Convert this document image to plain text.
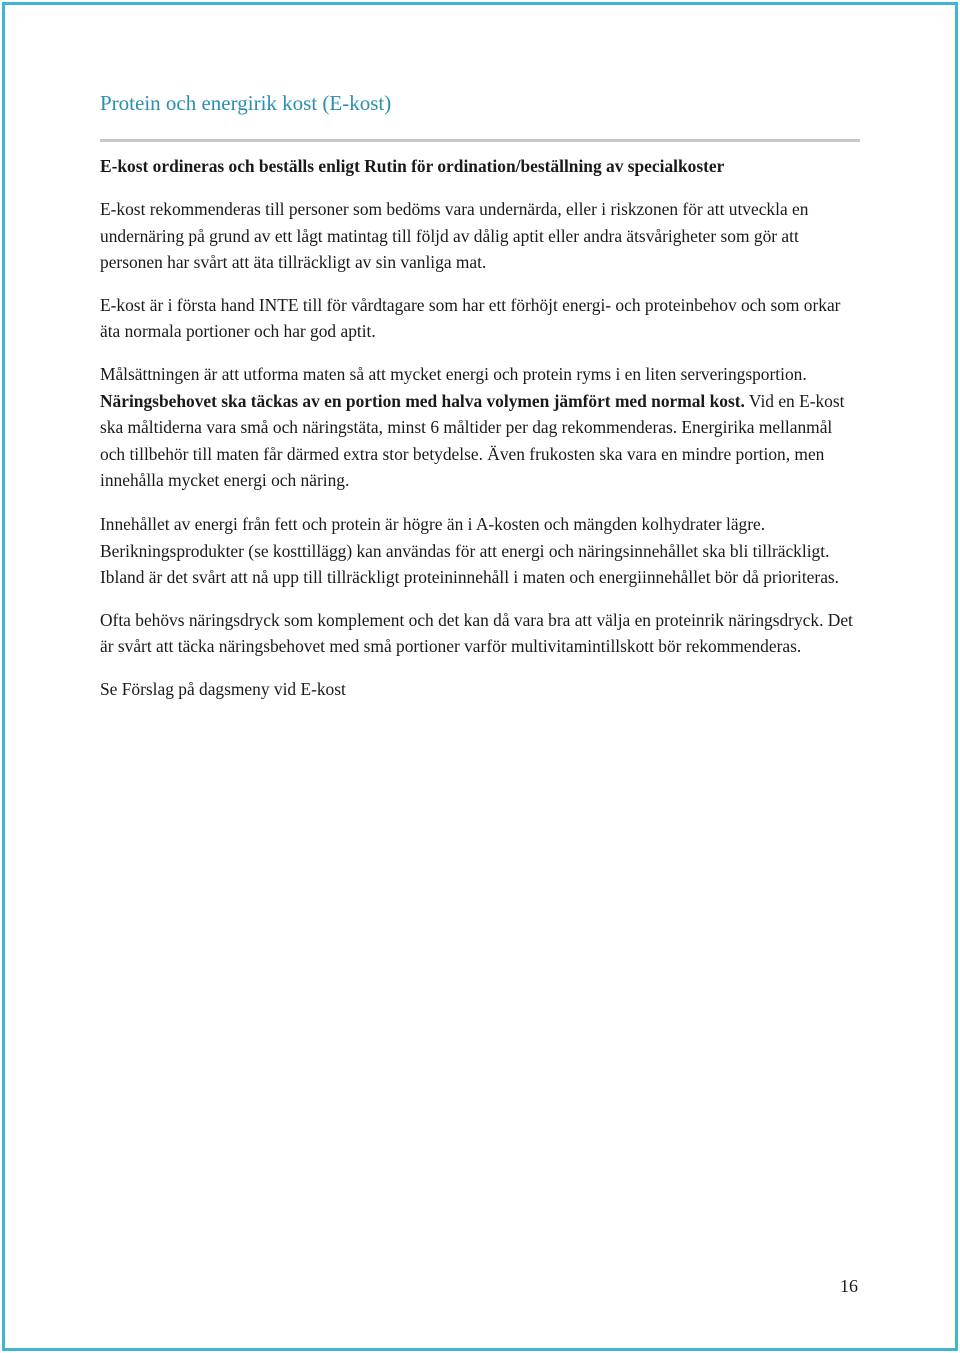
Protein och energirik kost (E-kost)

E-kost ordineras och beställs enligt Rutin för ordination/beställning av specialkoster

E-kost rekommenderas till personer som bedöms vara undernärda, eller i riskzonen för att utveckla en undernäring på grund av ett lågt matintag till följd av dålig aptit eller andra ätsvårigheter som gör att personen har svårt att äta tillräckligt av sin vanliga mat.

E-kost är i första hand INTE till för vårdtagare som har ett förhöjt energi- och proteinbehov och som orkar äta normala portioner och har god aptit.

Målsättningen är att utforma maten så att mycket energi och protein ryms i en liten serveringsportion. Näringsbehovet ska täckas av en portion med halva volymen jämfört med normal kost. Vid en E-kost ska måltiderna vara små och näringstäta, minst 6 måltider per dag rekommenderas. Energirika mellanmål och tillbehör till maten får därmed extra stor betydelse. Även frukosten ska vara en mindre portion, men innehålla mycket energi och näring.

Innehållet av energi från fett och protein är högre än i A-kosten och mängden kolhydrater lägre. Berikningsprodukter (se kosttillägg) kan användas för att energi och näringsinnehållet ska bli tillräckligt. Ibland är det svårt att nå upp till tillräckligt proteininnehåll i maten och energiinnehållet bör då prioriteras.

Ofta behövs näringsdryck som komplement och det kan då vara bra att välja en proteinrik näringsdryck. Det är svårt att täcka näringsbehovet med små portioner varför multivitamintillskott bör rekommenderas.

Se Förslag på dagsmeny vid E-kost

16
